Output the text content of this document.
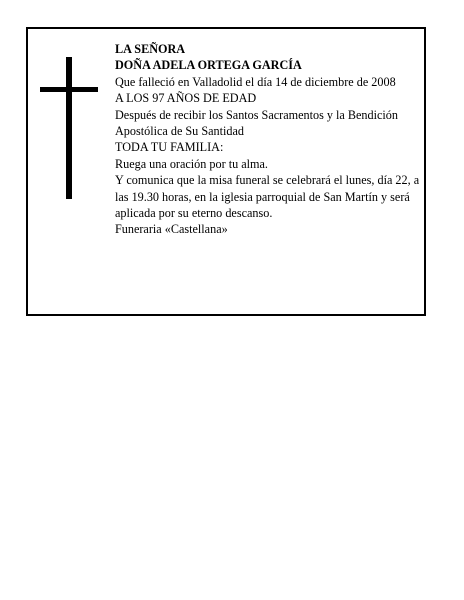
LA SEÑORA

DOÑA ADELA ORTEGA GARCÍA

Que falleció en Valladolid el día 14 de diciembre de 2008

A LOS 97 AÑOS DE EDAD

Después de recibir los Santos Sacramentos y la Bendición Apostólica de Su Santidad

TODA TU FAMILIA:

Ruega una oración por tu alma.

Y comunica que la misa funeral se celebrará el lunes, día 22, a las 19.30 horas, en la iglesia parroquial de San Martín y será aplicada por su eterno descanso.

Funeraria «Castellana»
